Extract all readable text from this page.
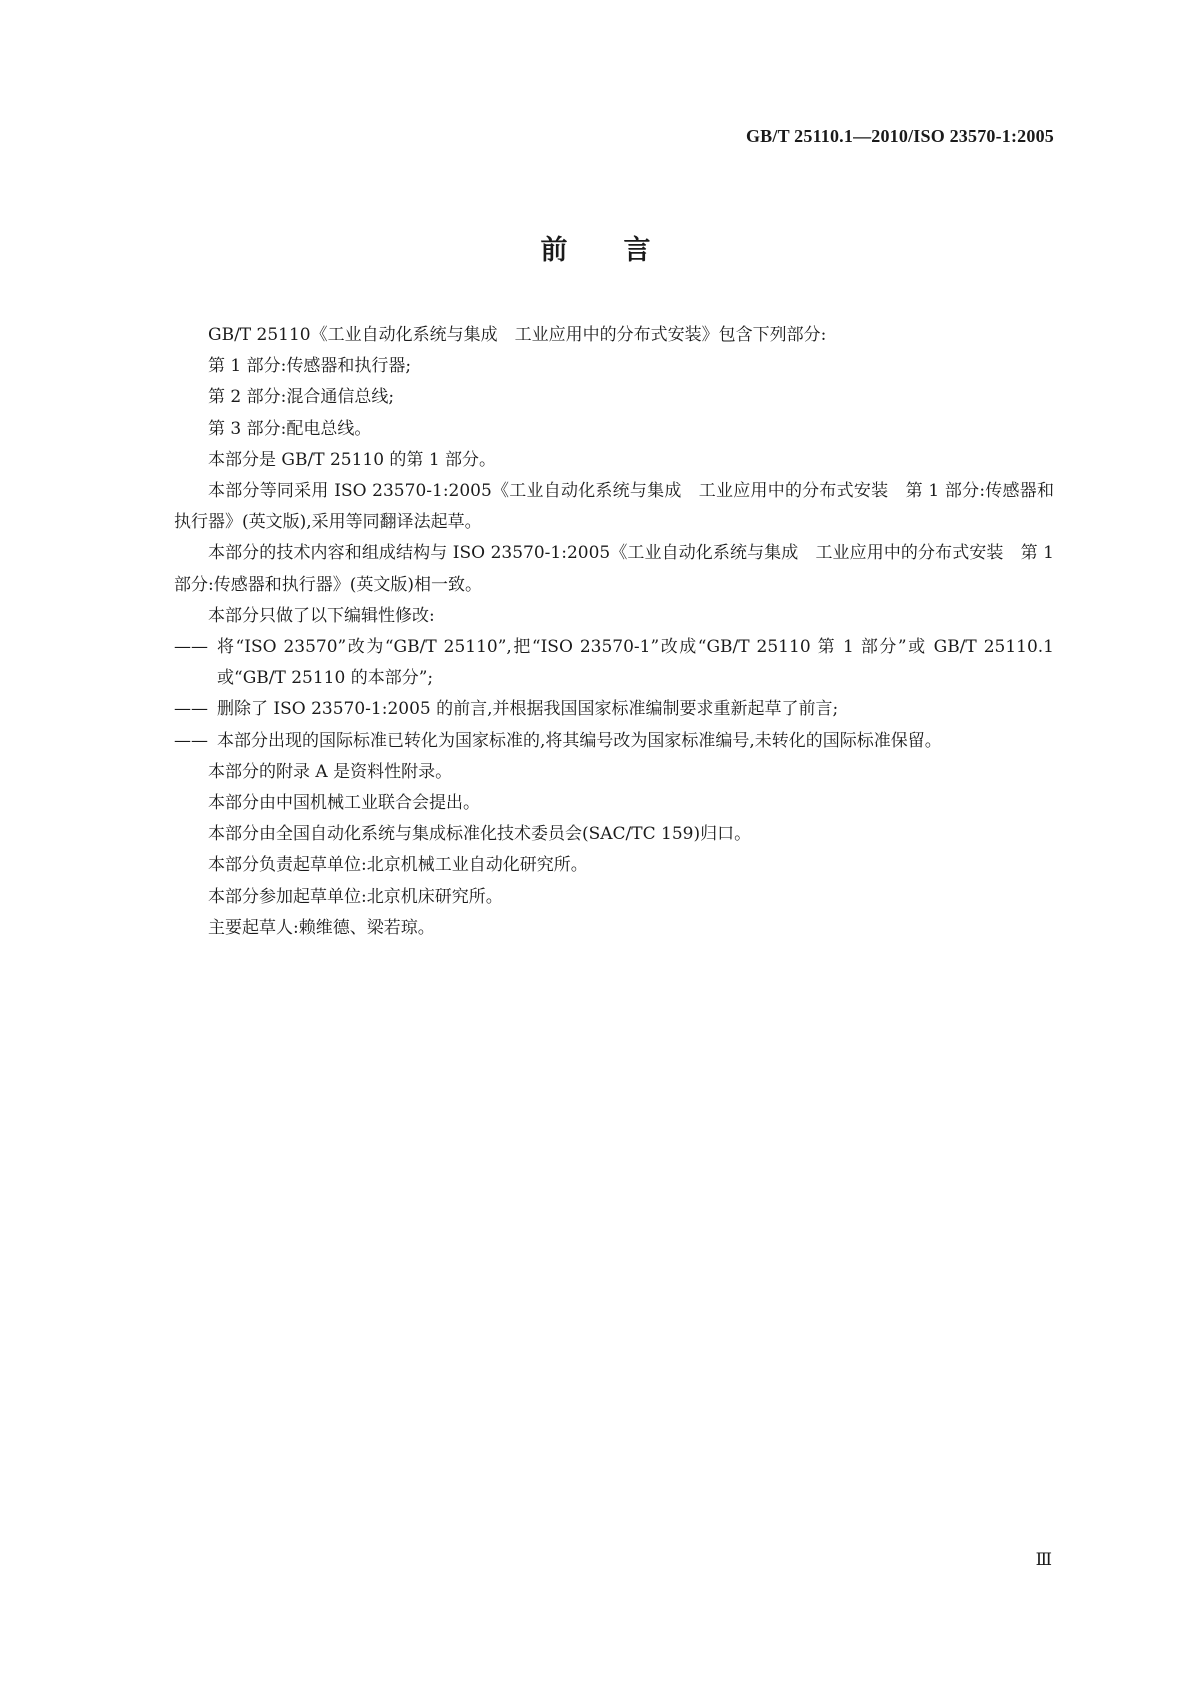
GB/T 25110.1—2010/ISO 23570-1:2005
前言

GB/T 25110《工业自动化系统与集成　工业应用中的分布式安装》包含下列部分:

第 1 部分:传感器和执行器;

第 2 部分:混合通信总线;

第 3 部分:配电总线。

本部分是 GB/T 25110 的第 1 部分。

本部分等同采用 ISO 23570-1:2005《工业自动化系统与集成　工业应用中的分布式安装　第 1 部分:传感器和执行器》(英文版),采用等同翻译法起草。

本部分的技术内容和组成结构与 ISO 23570-1:2005《工业自动化系统与集成　工业应用中的分布式安装　第 1 部分:传感器和执行器》(英文版)相一致。

本部分只做了以下编辑性修改:

—— 将“ISO 23570”改为“GB/T 25110”,把“ISO 23570-1”改成“GB/T 25110 第 1 部分”或 GB/T 25110.1 或“GB/T 25110 的本部分”;

—— 删除了 ISO 23570-1:2005 的前言,并根据我国国家标准编制要求重新起草了前言;

—— 本部分出现的国际标准已转化为国家标准的,将其编号改为国家标准编号,未转化的国际标准保留。

本部分的附录 A 是资料性附录。

本部分由中国机械工业联合会提出。

本部分由全国自动化系统与集成标准化技术委员会(SAC/TC 159)归口。

本部分负责起草单位:北京机械工业自动化研究所。

本部分参加起草单位:北京机床研究所。

主要起草人:赖维德、梁若琼。

Ⅲ
